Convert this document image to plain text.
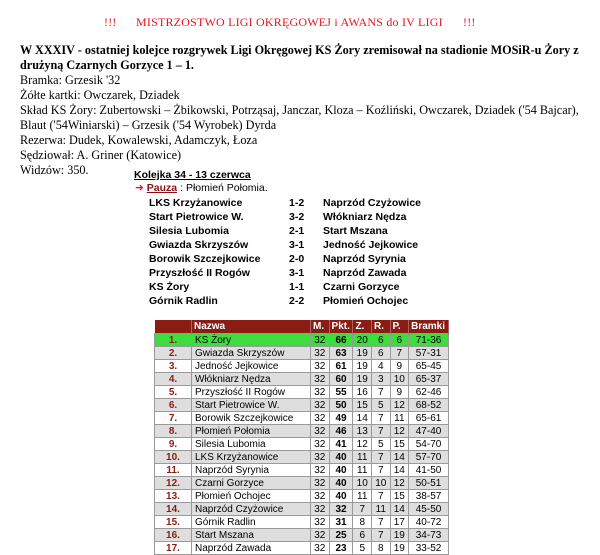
!!! MISTRZOSTWO LIGI OKRĘGOWEJ i AWANS do IV LIGI !!!

W XXXIV - ostatniej kolejce rozgrywek Ligi Okręgowej KS Żory zremisował na stadionie MOSiR-u Żory z

drużyną Czarnych Gorzyce 1 – 1.

Bramka: Grzesik '32

Żółte kartki: Owczarek, Dziadek

Skład KS Żory: Zubertowski – Żbikowski, Potrząsaj, Janczar, Kloza – Koźliński, Owczarek, Dziadek ('54 Bajcar),

Blaut ('54Winiarski) – Grzesik ('54 Wyrobek) Dyrda

Rezerwa: Dudek, Kowalewski, Adamczyk, Łoza

Sędziował: A. Griner (Katowice)

Widzów: 350.	Kolejka 34 - 13 czerwca
➜ Pauza : Płomień Połomia.
LKS Krzyżanowice	1-2	Naprzód Czyżowice
Start Pietrowice W.	3-2	Włókniarz Nędza
Silesia Lubomia	2-1	Start Mszana
Gwiazda Skrzyszów	3-1	Jedność Jejkowice
Borowik Szczejkowice	2-0	Naprzód Syrynia
Przyszłość II Rogów	3-1	Naprzód Zawada
KS Żory	1-1	Czarni Gorzyce
Górnik Radlin	2-2	Płomień Ochojec
	Nazwa	M.	Pkt.	Z.	R.	P.	Bramki
1.	KS Żory	32	66	20	6	6	71-36
2.	Gwiazda Skrzyszów	32	63	19	6	7	57-31
3.	Jedność Jejkowice	32	61	19	4	9	65-45
4.	Włókniarz Nędza	32	60	19	3	10	65-37
5.	Przyszłość II Rogów	32	55	16	7	9	62-46
6.	Start Pietrowice W.	32	50	15	5	12	68-52
7.	Borowik Szczejkowice	32	49	14	7	11	65-61
8.	Płomień Połomia	32	46	13	7	12	47-40
9.	Silesia Lubomia	32	41	12	5	15	54-70
10.	LKS Krzyżanowice	32	40	11	7	14	57-70
11.	Naprzód Syrynia	32	40	11	7	14	41-50
12.	Czarni Gorzyce	32	40	10	10	12	50-51
13.	Płomień Ochojec	32	40	11	7	15	38-57
14.	Naprzód Czyżowice	32	32	7	11	14	45-50
15.	Górnik Radlin	32	31	8	7	17	40-72
16.	Start Mszana	32	25	6	7	19	34-73
17.	Naprzód Zawada	32	23	5	8	19	33-52
